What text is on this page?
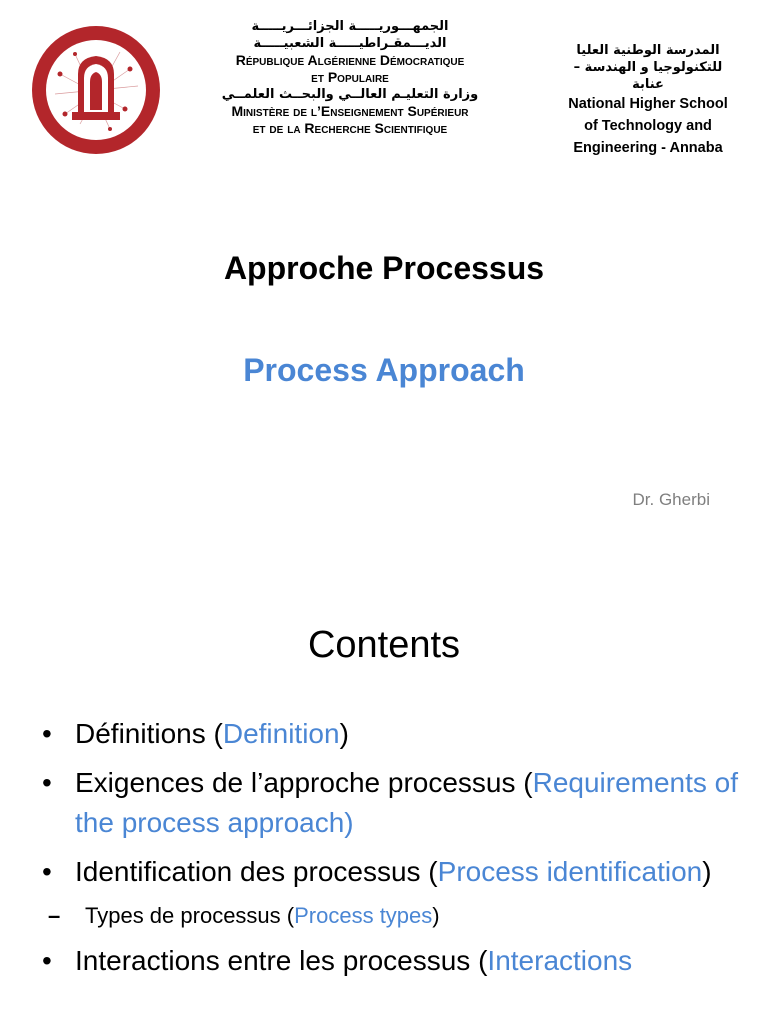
الجمهـــوريـــــة الجزائـــريـــــة
الديـــمقـراطيـــــة الشعبيـــــة
République Algérienne Démocratique
et Populaire
وزارة التعليـم العالــي والبحــث العلمــي
Ministère de l’Enseignement Supérieur
et de la Recherche Scientifique
المدرسة الوطنية العليا
للتكنولوجيا و الهندسة –
عنابة
National Higher School
of Technology and
Engineering - Annaba
Approche Processus
Process Approach
Dr. Gherbi
Contents
• Définitions (Definition)
• Exigences de l’approche processus (Requirements of the process approach)
• Identification des processus (Process identification)
– Types de processus (Process types)
• Interactions entre les processus (Interactions
